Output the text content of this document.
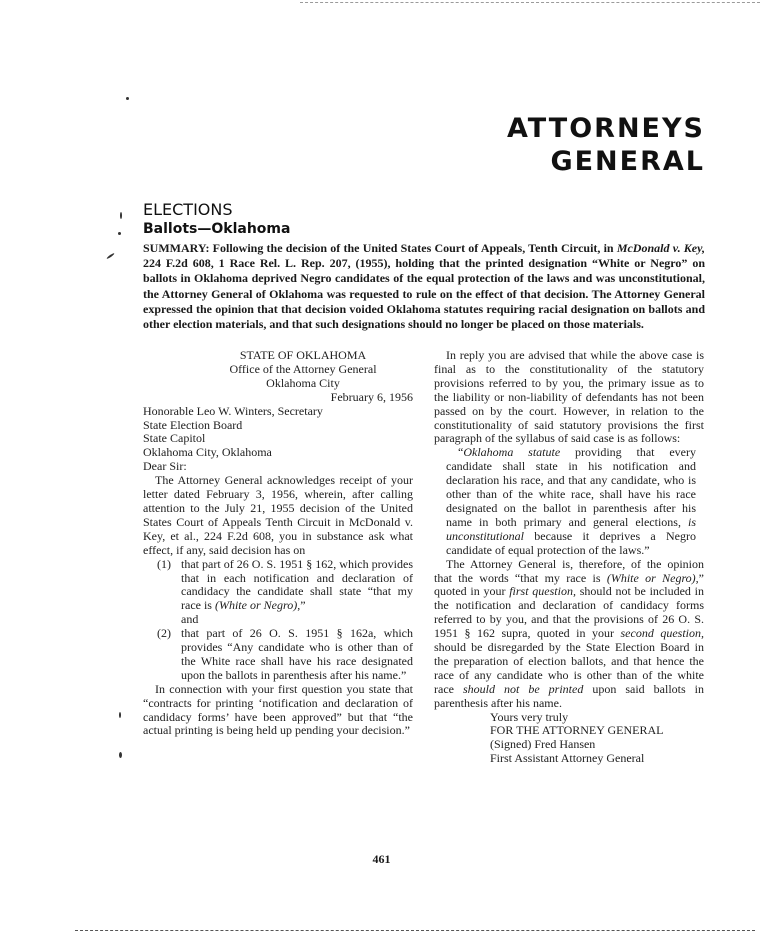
ATTORNEYS
GENERAL
ELECTIONS
Ballots—Oklahoma

SUMMARY: Following the decision of the United States Court of Appeals, Tenth Circuit, in McDonald v. Key, 224 F.2d 608, 1 Race Rel. L. Rep. 207, (1955), holding that the printed designation “White or Negro” on ballots in Oklahoma deprived Negro candidates of the equal protection of the laws and was unconstitutional, the Attorney General of Oklahoma was requested to rule on the effect of that decision. The Attorney General expressed the opinion that that decision voided Oklahoma statutes requiring racial designation on ballots and other election materials, and that such designations should no longer be placed on those materials.

STATE OF OKLAHOMA
Office of the Attorney General
Oklahoma City
February 6, 1956
Honorable Leo W. Winters, Secretary
State Election Board
State Capitol
Oklahoma City, Oklahoma
Dear Sir:

The Attorney General acknowledges receipt of your letter dated February 3, 1956, wherein, after calling attention to the July 21, 1955 decision of the United States Court of Appeals Tenth Circuit in McDonald v. Key, et al., 224 F.2d 608, you in substance ask what effect, if any, said decision has on

(1) that part of 26 O. S. 1951 § 162, which provides that in each notification and declaration of candidacy the candidate shall state “that my race is (White or Negro),”
and
(2) that part of 26 O. S. 1951 § 162a, which provides “Any candidate who is other than of the White race shall have his race designated upon the ballots in parenthesis after his name.”

In connection with your first question you state that “contracts for printing ‘notification and declaration of candidacy forms’ have been approved” but that “the actual printing is being held up pending your decision.”

In reply you are advised that while the above case is final as to the constitutionality of the statutory provisions referred to by you, the primary issue as to the liability or non-liability of defendants has not been passed on by the court. However, in relation to the constitutionality of said statutory provisions the first paragraph of the syllabus of said case is as follows:

“Oklahoma statute providing that every candidate shall state in his notification and declaration his race, and that any candidate, who is other than of the white race, shall have his race designated on the ballot in parenthesis after his name in both primary and general elections, is unconstitutional because it deprives a Negro candidate of equal protection of the laws.”

The Attorney General is, therefore, of the opinion that the words “that my race is (White or Negro),” quoted in your first question, should not be included in the notification and declaration of candidacy forms referred to by you, and that the provisions of 26 O. S. 1951 § 162 supra, quoted in your second question, should be disregarded by the State Election Board in the preparation of election ballots, and that hence the race of any candidate who is other than of the white race should not be printed upon said ballots in parenthesis after his name.

Yours very truly
FOR THE ATTORNEY GENERAL
(Signed) Fred Hansen
First Assistant Attorney General
461
